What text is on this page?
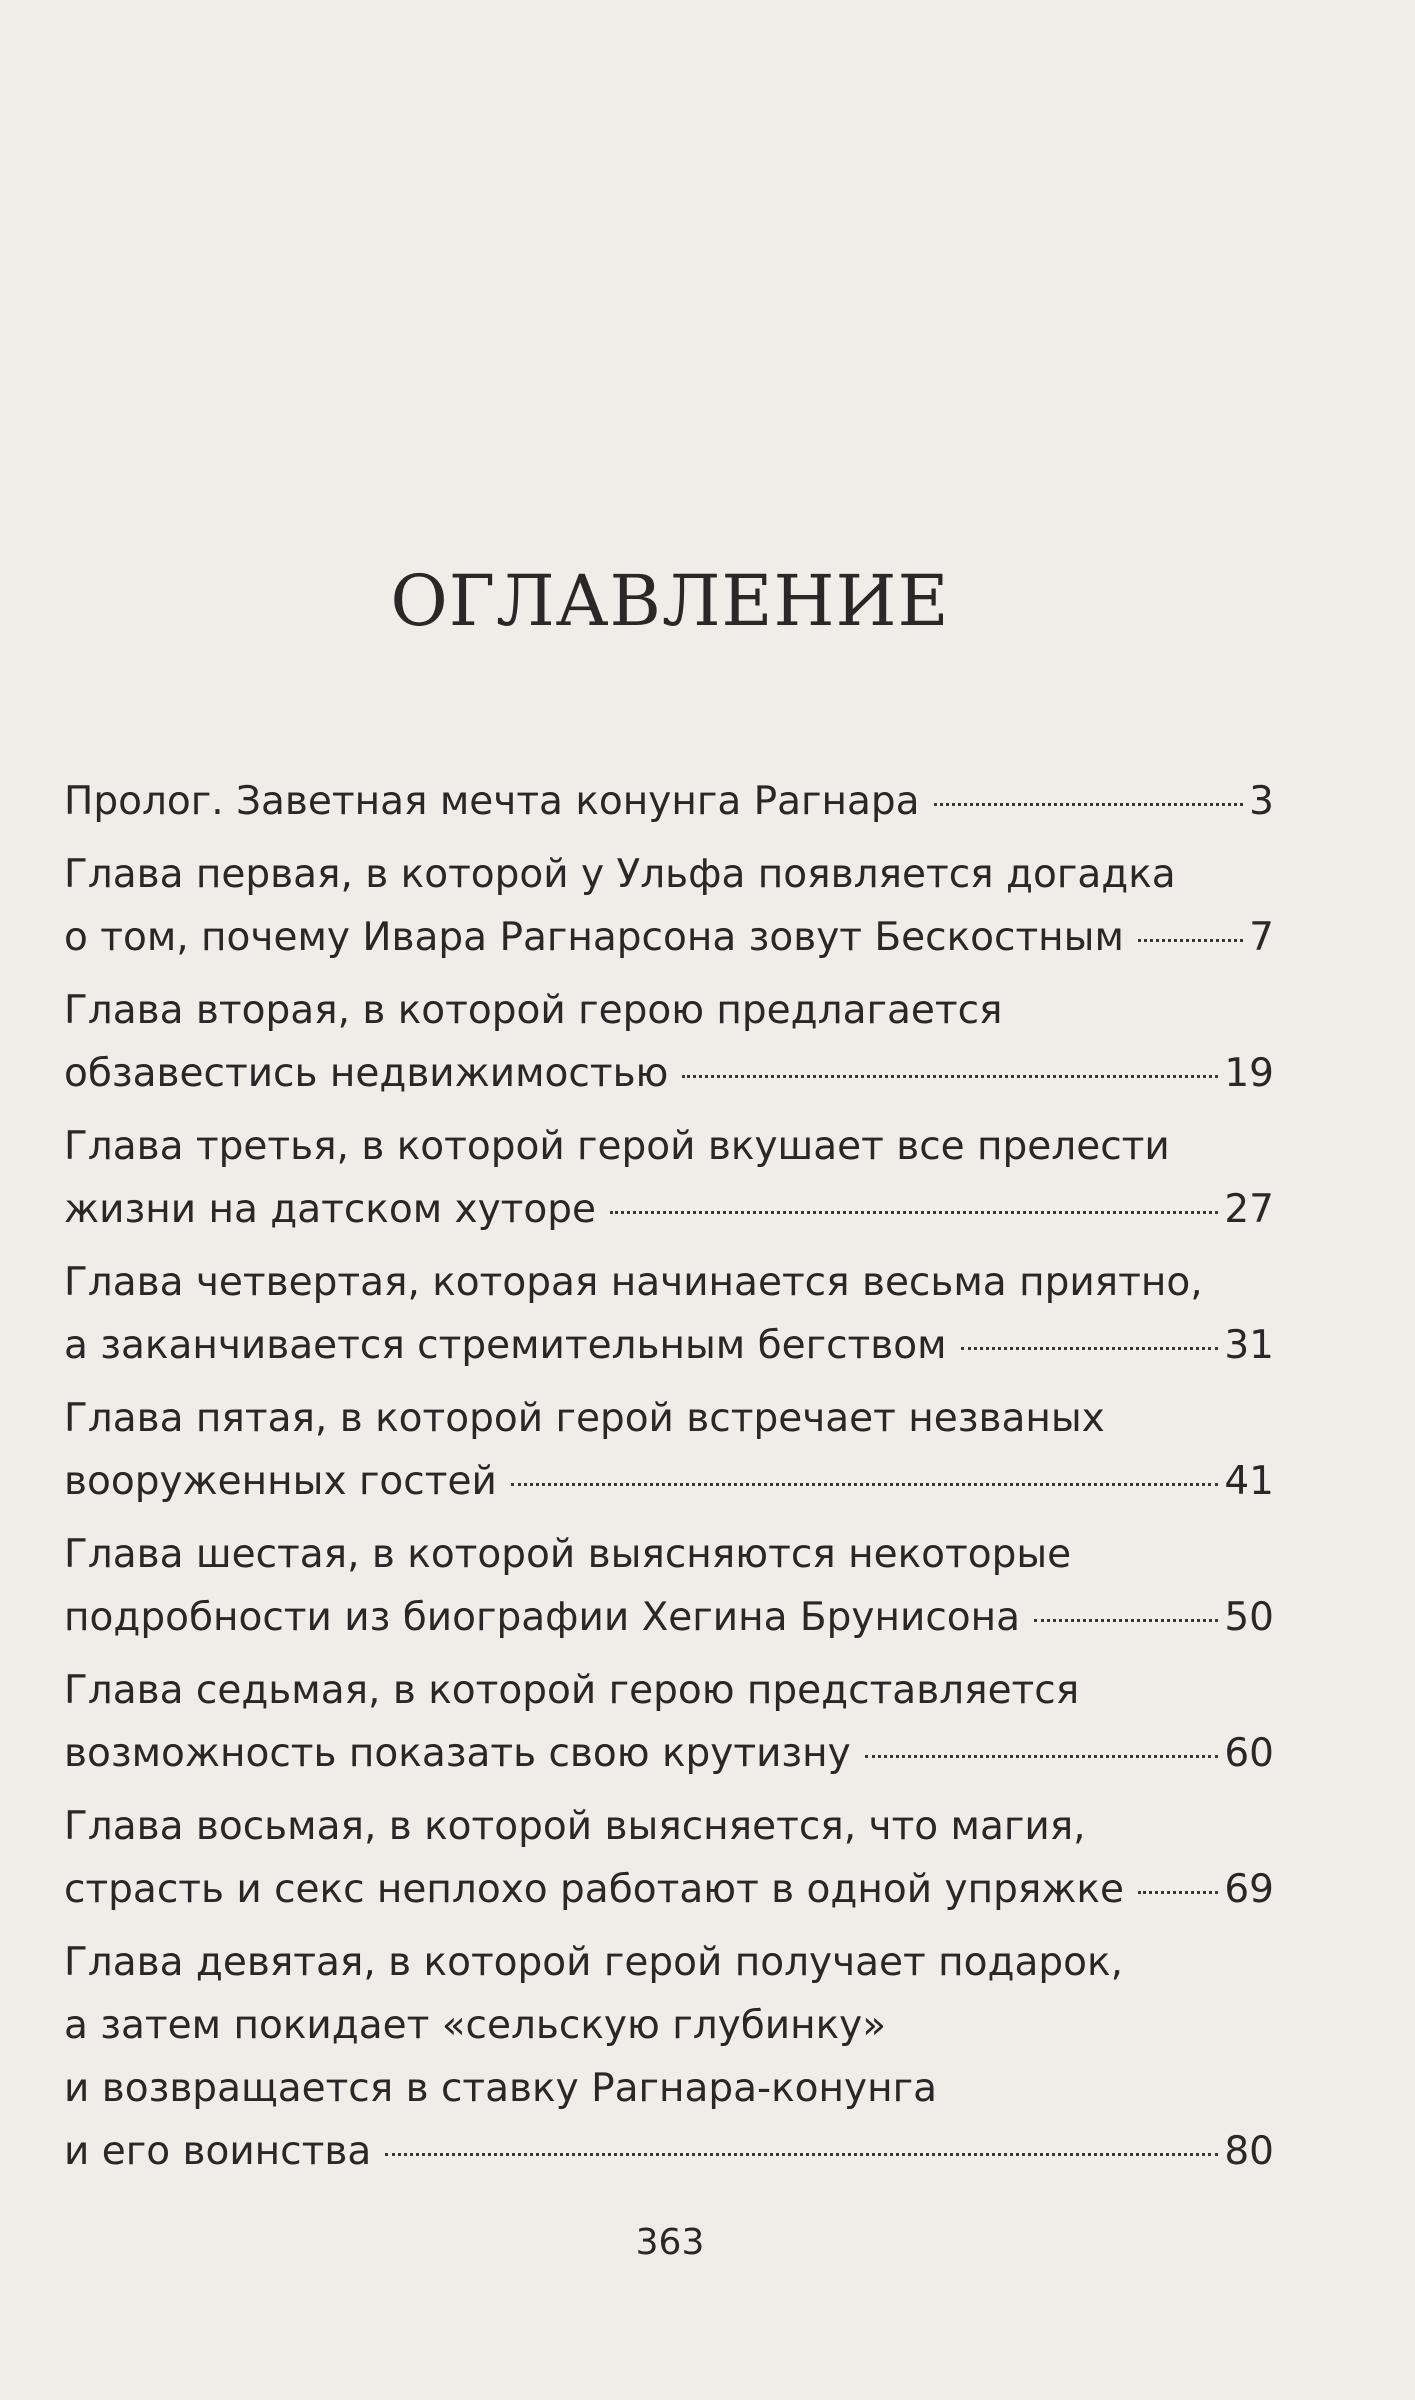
ОГЛАВЛЕНИЕ
Пролог. Заветная мечта конунга Рагнара	3
Глава первая, в которой у Ульфа появляется догадка
о том, почему Ивара Рагнарсона зовут Бескостным	7
Глава вторая, в которой герою предлагается
обзавестись недвижимостью	19
Глава третья, в которой герой вкушает все прелести
жизни на датском хуторе	27
Глава четвертая, которая начинается весьма приятно,
а заканчивается стремительным бегством	31
Глава пятая, в которой герой встречает незваных
вооруженных гостей	41
Глава шестая, в которой выясняются некоторые
подробности из биографии Хегина Брунисона	50
Глава седьмая, в которой герою представляется
возможность показать свою крутизну	60
Глава восьмая, в которой выясняется, что магия,
страсть и секс неплохо работают в одной упряжке	69
Глава девятая, в которой герой получает подарок,
а затем покидает «сельскую глубинку»
и возвращается в ставку Рагнара-конунга
и его воинства	80
363
